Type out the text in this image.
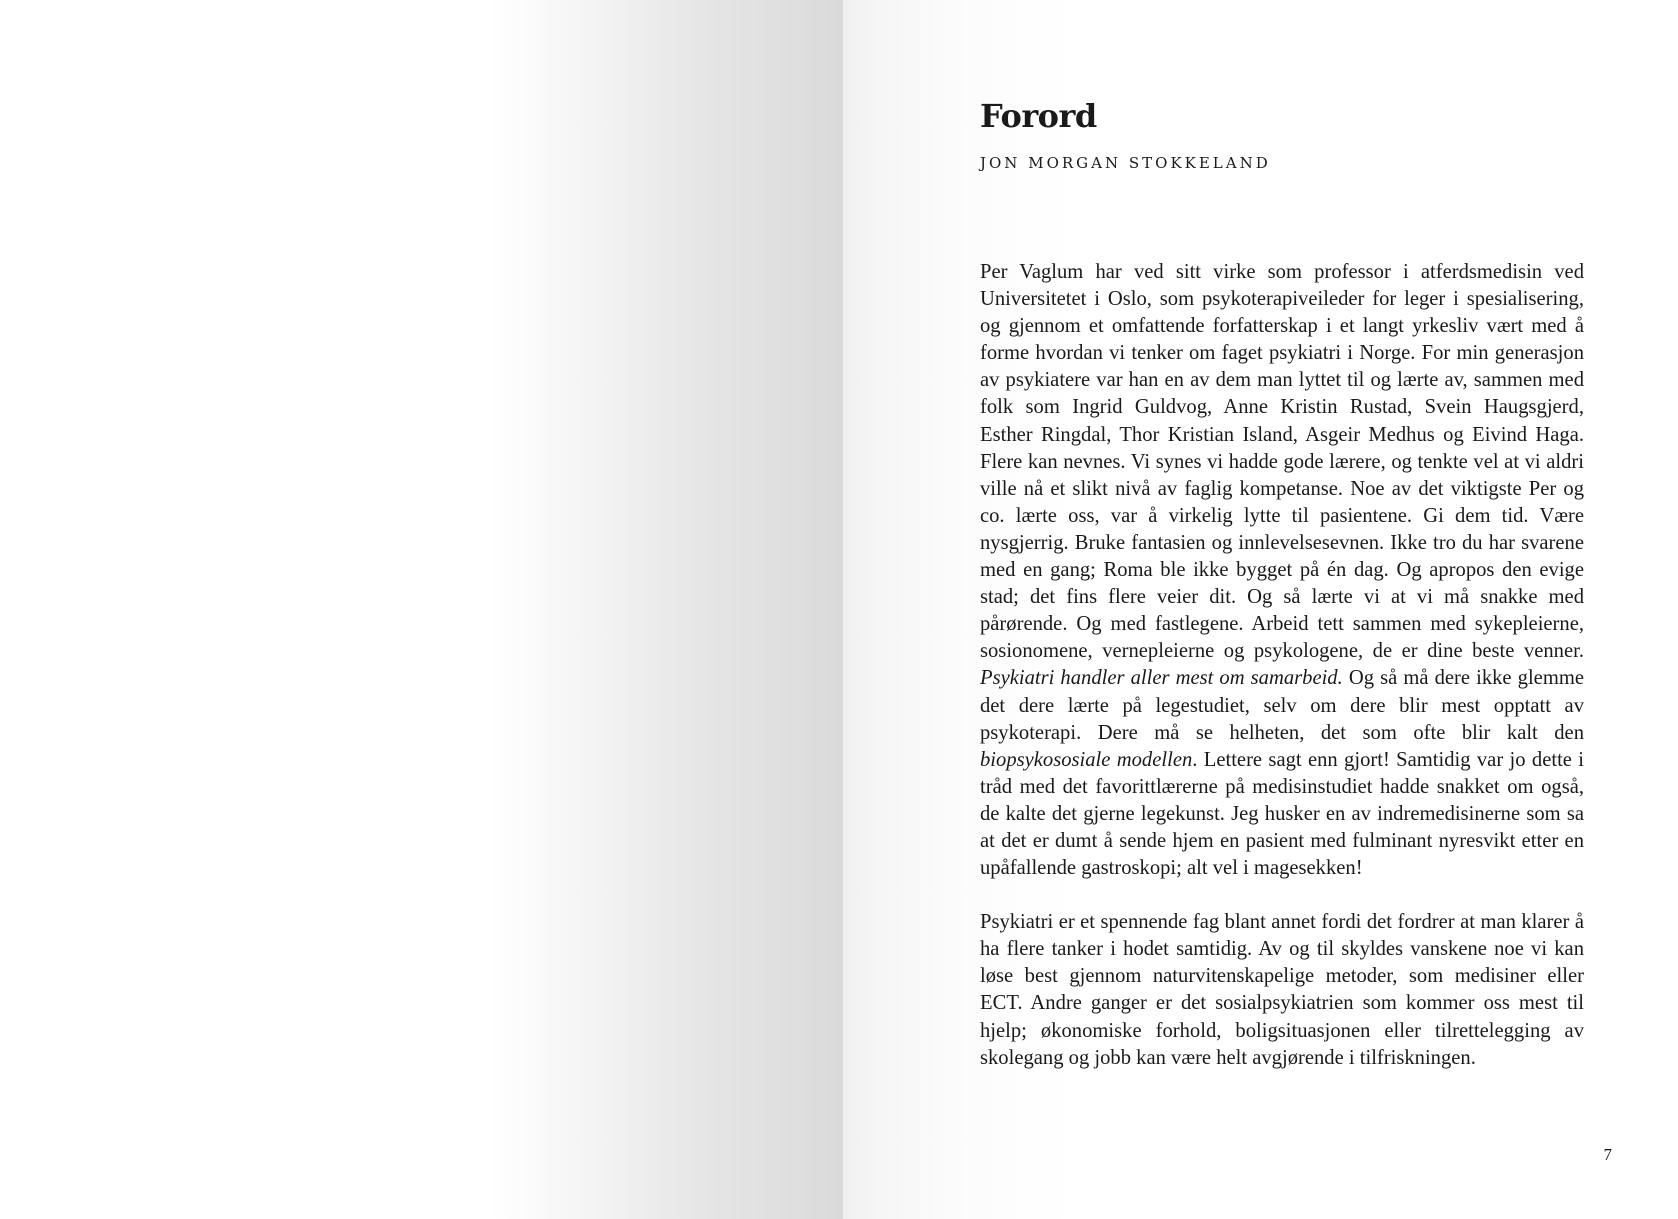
Forord
JON MORGAN STOKKELAND

Per Vaglum har ved sitt virke som professor i atferdsmedisin ved Universitetet i Oslo, som psykoterapiveileder for leger i spesialisering, og gjennom et omfattende forfatterskap i et langt yrkesliv vært med å forme hvordan vi tenker om faget psykiatri i Norge. For min generasjon av psykiatere var han en av dem man lyttet til og lærte av, sammen med folk som Ingrid Guldvog, Anne Kristin Rustad, Svein Haugsgjerd, Esther Ringdal, Thor Kristian Island, Asgeir Medhus og Eivind Haga. Flere kan nevnes. Vi synes vi hadde gode lærere, og tenkte vel at vi aldri ville nå et slikt nivå av faglig kompetanse. Noe av det viktigste Per og co. lærte oss, var å virkelig lytte til pasientene. Gi dem tid. Være nysgjerrig. Bruke fantasien og innlevelsesevnen. Ikke tro du har svarene med en gang; Roma ble ikke bygget på én dag. Og apropos den evige stad; det fins flere veier dit. Og så lærte vi at vi må snakke med pårørende. Og med fastlegene. Arbeid tett sammen med sykepleierne, sosionomene, vernepleierne og psykologene, de er dine beste venner. Psykiatri handler aller mest om samarbeid. Og så må dere ikke glemme det dere lærte på legestudiet, selv om dere blir mest opptatt av psykoterapi. Dere må se helheten, det som ofte blir kalt den biopsykososiale modellen. Lettere sagt enn gjort! Samtidig var jo dette i tråd med det favorittlærerne på medisinstudiet hadde snakket om også, de kalte det gjerne legekunst. Jeg husker en av indremedisinerne som sa at det er dumt å sende hjem en pasient med fulminant nyresvikt etter en upåfallende gastroskopi; alt vel i magesekken!

Psykiatri er et spennende fag blant annet fordi det fordrer at man klarer å ha flere tanker i hodet samtidig. Av og til skyldes vanskene noe vi kan løse best gjennom naturvitenskapelige metoder, som medisiner eller ECT. Andre ganger er det sosialpsykiatrien som kommer oss mest til hjelp; økonomiske forhold, boligsituasjonen eller tilrettelegging av skolegang og jobb kan være helt avgjørende i tilfriskningen.

7
